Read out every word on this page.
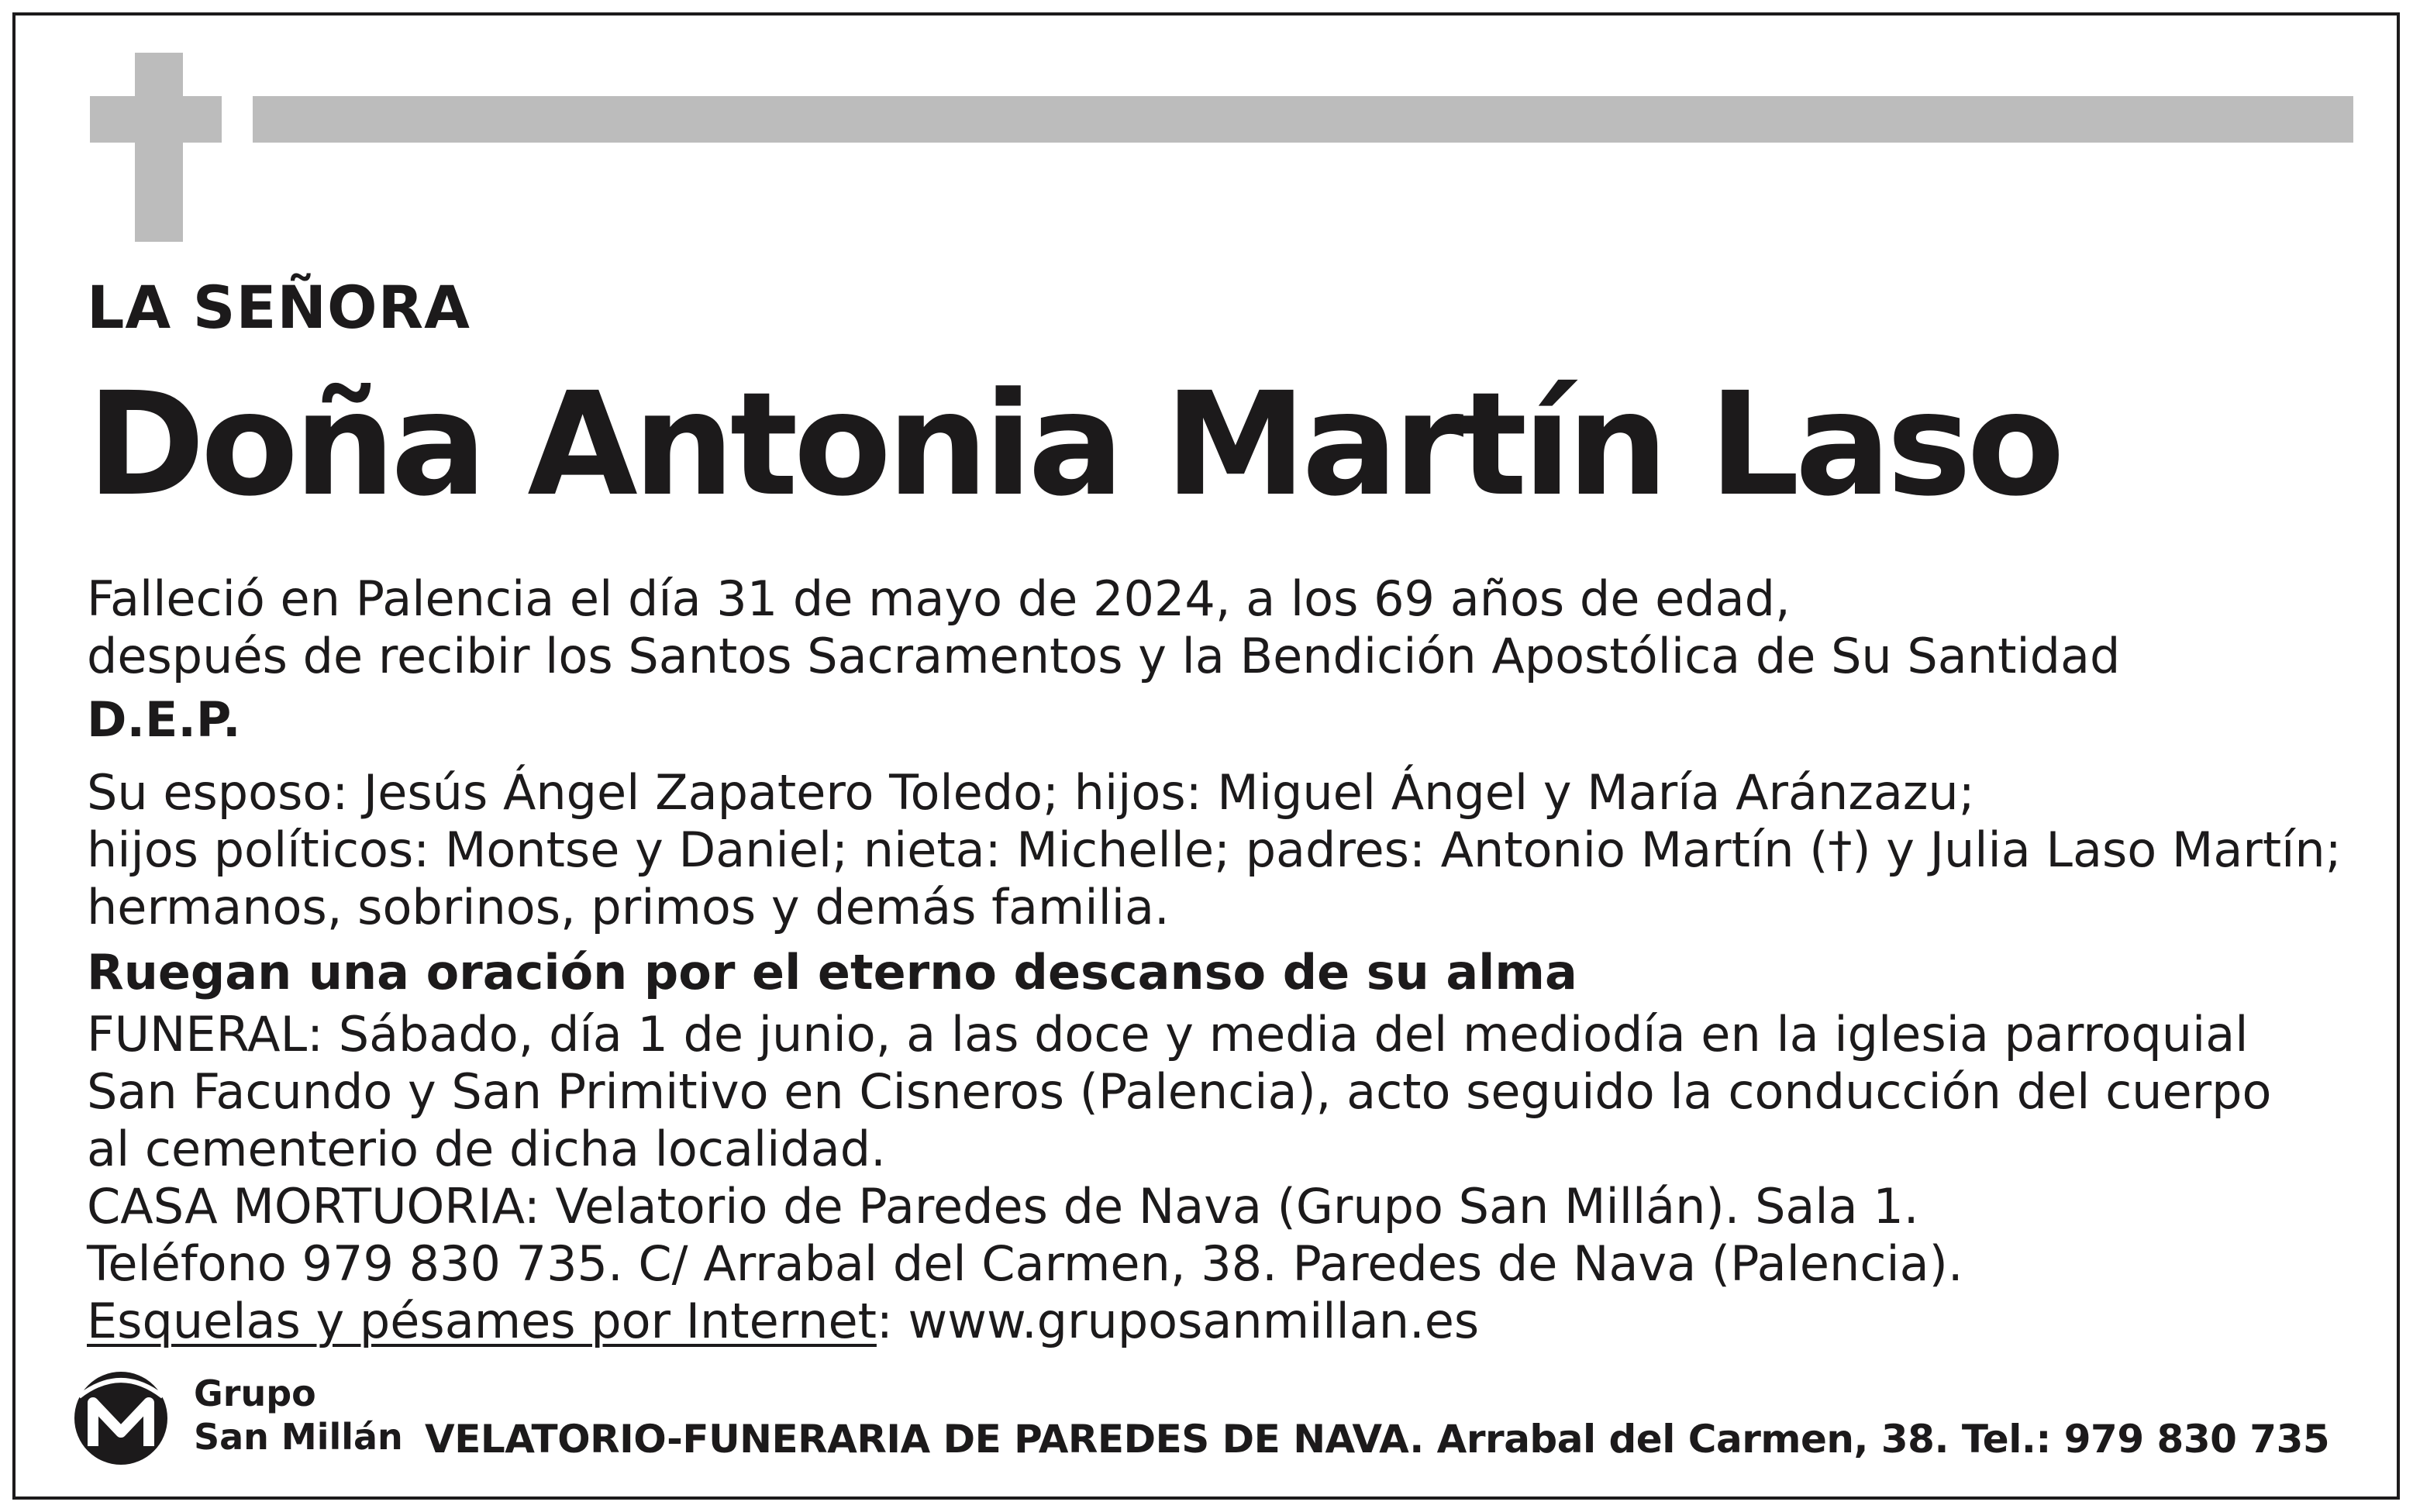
LA SEÑORA
Doña Antonia Martín Laso
Falleció en Palencia el día 31 de mayo de 2024, a los 69 años de edad,
después de recibir los Santos Sacramentos y la Bendición Apostólica de Su Santidad
D.E.P.
Su esposo: Jesús Ángel Zapatero Toledo; hijos: Miguel Ángel y María Aránzazu;
hijos políticos: Montse y Daniel; nieta: Michelle; padres: Antonio Martín (†) y Julia Laso Martín;
hermanos, sobrinos, primos y demás familia.
Ruegan una oración por el eterno descanso de su alma
FUNERAL: Sábado, día 1 de junio, a las doce y media del mediodía en la iglesia parroquial
San Facundo y San Primitivo en Cisneros (Palencia), acto seguido la conducción del cuerpo
al cementerio de dicha localidad.
CASA MORTUORIA: Velatorio de Paredes de Nava (Grupo San Millán). Sala 1.
Teléfono 979 830 735. C/ Arrabal del Carmen, 38. Paredes de Nava (Palencia).
Esquelas y pésames por Internet: www.gruposanmillan.es
Grupo
San Millán VELATORIO-FUNERARIA DE PAREDES DE NAVA. Arrabal del Carmen, 38. Tel.: 979 830 735
